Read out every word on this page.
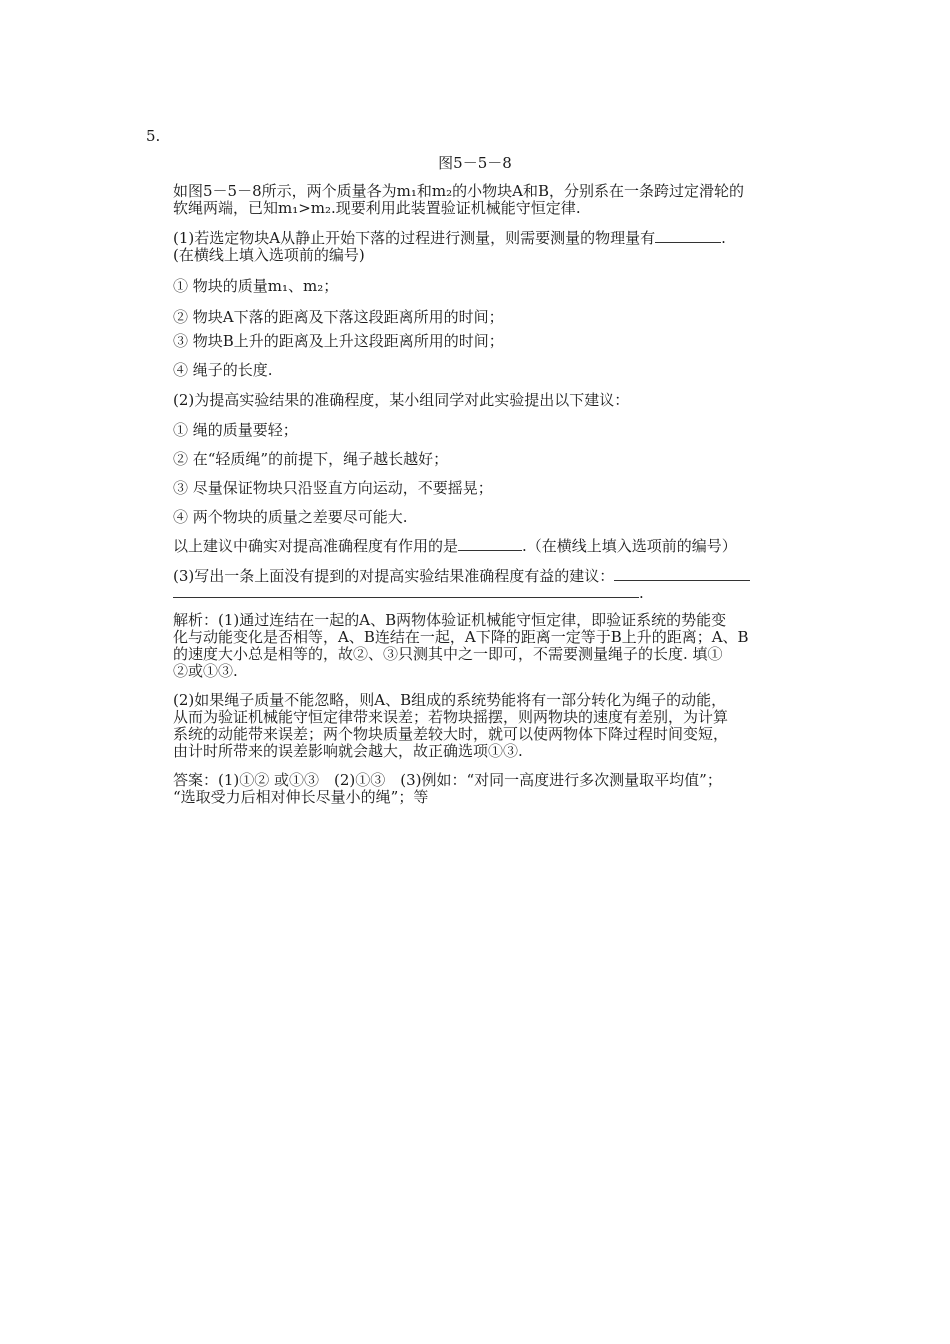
5.
图5－5－8
如图5－5－8所示，两个质量各为m₁和m₂的小物块A和B，分别系在一条跨过定滑轮的
软绳两端，已知m₁>m₂.现要利用此装置验证机械能守恒定律.
(1)若选定物块A从静止开始下落的过程进行测量，则需要测量的物理量有	.
(在横线上填入选项前的编号)
① 物块的质量m₁、m₂；
② 物块A下落的距离及下落这段距离所用的时间；
③ 物块B上升的距离及上升这段距离所用的时间；
④ 绳子的长度.
(2)为提高实验结果的准确程度，某小组同学对此实验提出以下建议：
① 绳的质量要轻；
② 在“轻质绳”的前提下，绳子越长越好；
③ 尽量保证物块只沿竖直方向运动，不要摇晃；
④ 两个物块的质量之差要尽可能大.
以上建议中确实对提高准确程度有作用的是	.（在横线上填入选项前的编号）
(3)写出一条上面没有提到的对提高实验结果准确程度有益的建议：
.
解析：(1)通过连结在一起的A、B两物体验证机械能守恒定律，即验证系统的势能变
化与动能变化是否相等，A、B连结在一起，A下降的距离一定等于B上升的距离；A、B
的速度大小总是相等的，故②、③只测其中之一即可，不需要测量绳子的长度. 填①
②或①③.
(2)如果绳子质量不能忽略，则A、B组成的系统势能将有一部分转化为绳子的动能，
从而为验证机械能守恒定律带来误差；若物块摇摆，则两物块的速度有差别，为计算
系统的动能带来误差；两个物块质量差较大时，就可以使两物体下降过程时间变短，
由计时所带来的误差影响就会越大，故正确选项①③.
答案：(1)①② 或①③　(2)①③　(3)例如：“对同一高度进行多次测量取平均值”；
“选取受力后相对伸长尽量小的绳”；等
